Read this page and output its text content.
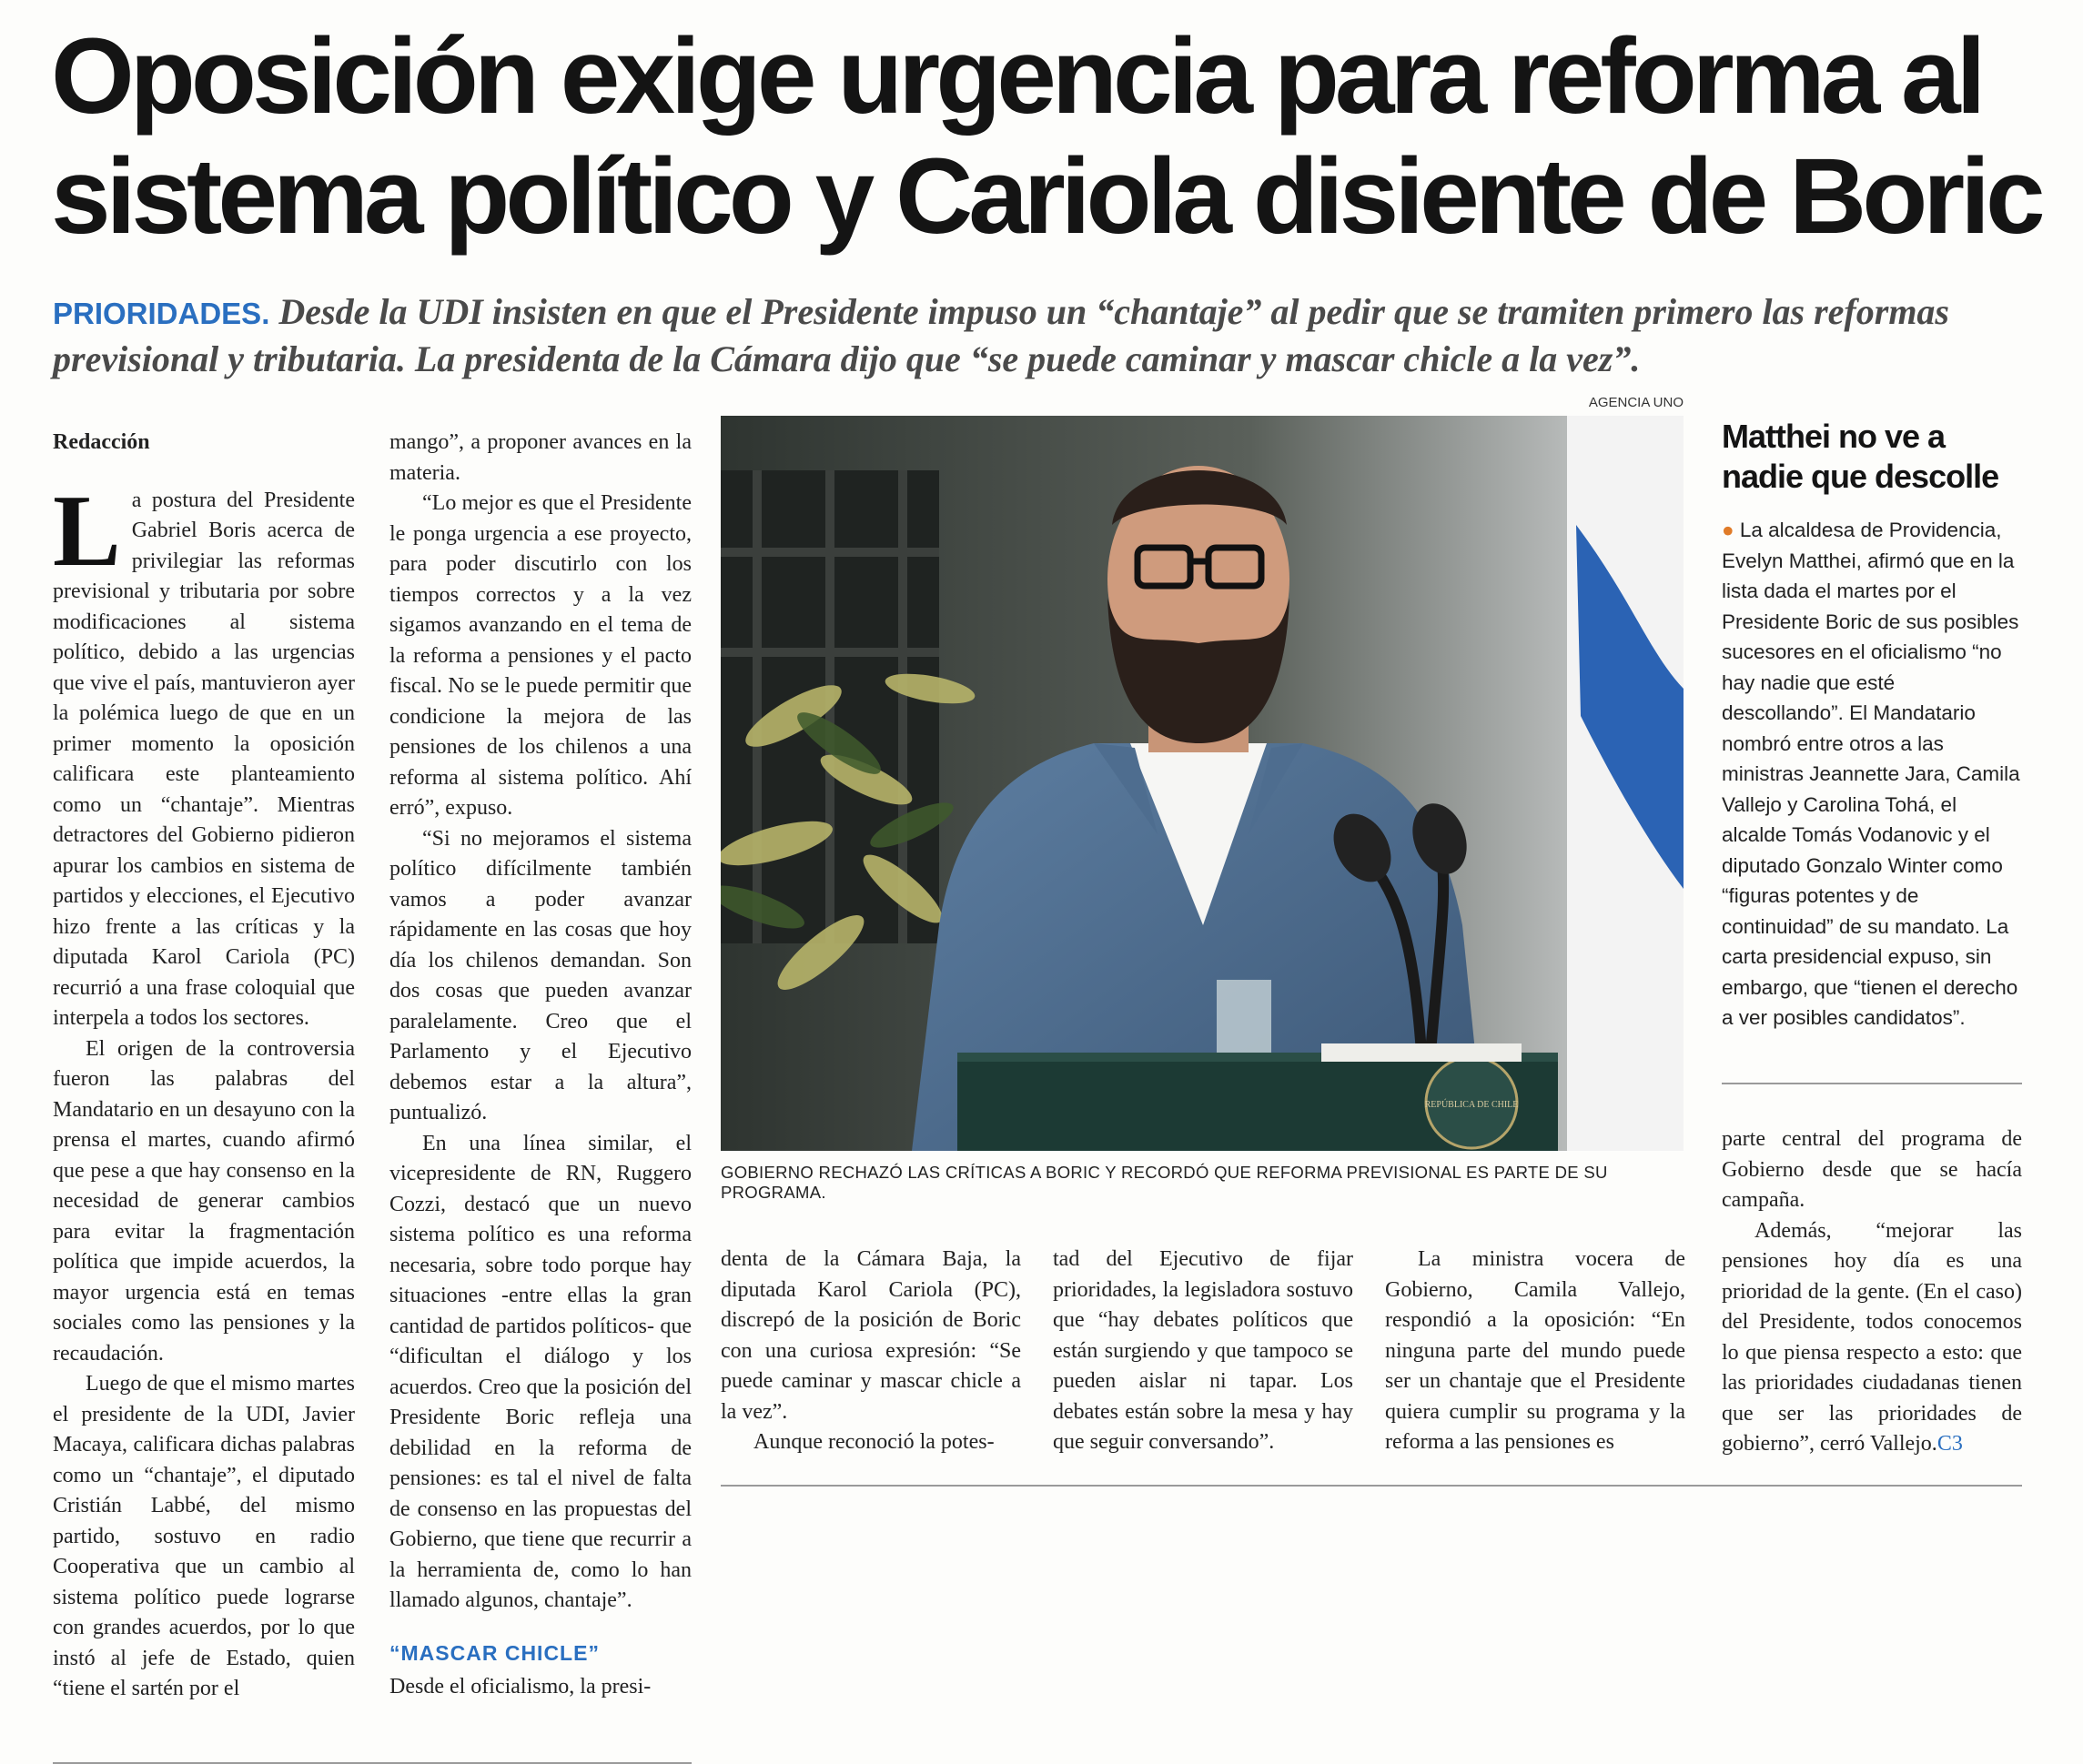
Oposición exige urgencia para reforma al sistema político y Cariola disiente de Boric
PRIORIDADES. Desde la UDI insisten en que el Presidente impuso un “chantaje” al pedir que se tramiten primero las reformas previsional y tributaria. La presidenta de la Cámara dijo que “se puede caminar y mascar chicle a la vez”.

Redacción

La postura del Presidente Gabriel Boris acerca de privilegiar las reformas previsional y tributaria por sobre modificaciones al sistema político, debido a las urgencias que vive el país, mantuvieron ayer la polémica luego de que en un primer momento la oposición calificara este planteamiento como un “chantaje”. Mientras detractores del Gobierno pidieron apurar los cambios en sistema de partidos y elecciones, el Ejecutivo hizo frente a las críticas y la diputada Karol Cariola (PC) recurrió a una frase coloquial que interpela a todos los sectores.

El origen de la controversia fueron las palabras del Mandatario en un desayuno con la prensa el martes, cuando afirmó que pese a que hay consenso en la necesidad de generar cambios para evitar la fragmentación política que impide acuerdos, la mayor urgencia está en temas sociales como las pensiones y la recaudación.

Luego de que el mismo martes el presidente de la UDI, Javier Macaya, calificara dichas palabras como un “chantaje”, el diputado Cristián Labbé, del mismo partido, sostuvo en radio Cooperativa que un cambio al sistema político puede lograrse con grandes acuerdos, por lo que instó al jefe de Estado, quien “tiene el sartén por el

mango”, a proponer avances en la materia.

“Lo mejor es que el Presidente le ponga urgencia a ese proyecto, para poder discutirlo con los tiempos correctos y a la vez sigamos avanzando en el tema de la reforma a pensiones y el pacto fiscal. No se le puede permitir que condicione la mejora de las pensiones de los chilenos a una reforma al sistema político. Ahí erró”, expuso.

“Si no mejoramos el sistema político difícilmente también vamos a poder avanzar rápidamente en las cosas que hoy día los chilenos demandan. Son dos cosas que pueden avanzar paralelamente. Creo que el Parlamento y el Ejecutivo debemos estar a la altura”, puntualizó.

En una línea similar, el vicepresidente de RN, Ruggero Cozzi, destacó que un nuevo sistema político es una reforma necesaria, sobre todo porque hay situaciones -entre ellas la gran cantidad de partidos políticos- que “dificultan el diálogo y los acuerdos. Creo que la posición del Presidente Boric refleja una debilidad en la reforma de pensiones: es tal el nivel de falta de consenso en las propuestas del Gobierno, que tiene que recurrir a la herramienta de, como lo han llamado algunos, chantaje”.

“MASCAR CHICLE”

Desde el oficialismo, la presi-

AGENCIA UNO
REPÚBLICA DE CHILE
GOBIERNO RECHAZÓ LAS CRÍTICAS A BORIC Y RECORDÓ QUE REFORMA PREVISIONAL ES PARTE DE SU PROGRAMA.

denta de la Cámara Baja, la diputada Karol Cariola (PC), discrepó de la posición de Boric con una curiosa expresión: “Se puede caminar y mascar chicle a la vez”.

Aunque reconoció la potes-

tad del Ejecutivo de fijar prioridades, la legisladora sostuvo que “hay debates políticos que están surgiendo y que tampoco se pueden aislar ni tapar. Los debates están sobre la mesa y hay que seguir conversando”.

La ministra vocera de Gobierno, Camila Vallejo, respondió a la oposición: “En ninguna parte del mundo puede ser un chantaje que el Presidente quiera cumplir su programa y la reforma a las pensiones es

Matthei no ve a nadie que descolle
● La alcaldesa de Providencia, Evelyn Matthei, afirmó que en la lista dada el martes por el Presidente Boric de sus posibles sucesores en el oficialismo “no hay nadie que esté descollando”. El Mandatario nombró entre otros a las ministras Jeannette Jara, Camila Vallejo y Carolina Tohá, el alcalde Tomás Vodanovic y el diputado Gonzalo Winter como “figuras potentes y de continuidad” de su mandato. La carta presidencial expuso, sin embargo, que “tienen el derecho a ver posibles candidatos”.

parte central del programa de Gobierno desde que se hacía campaña.

Además, “mejorar las pensiones hoy día es una prioridad de la gente. (En el caso) del Presidente, todos conocemos lo que piensa respecto a esto: que las prioridades ciudadanas tienen que ser las prioridades de gobierno”, cerró Vallejo.C3
